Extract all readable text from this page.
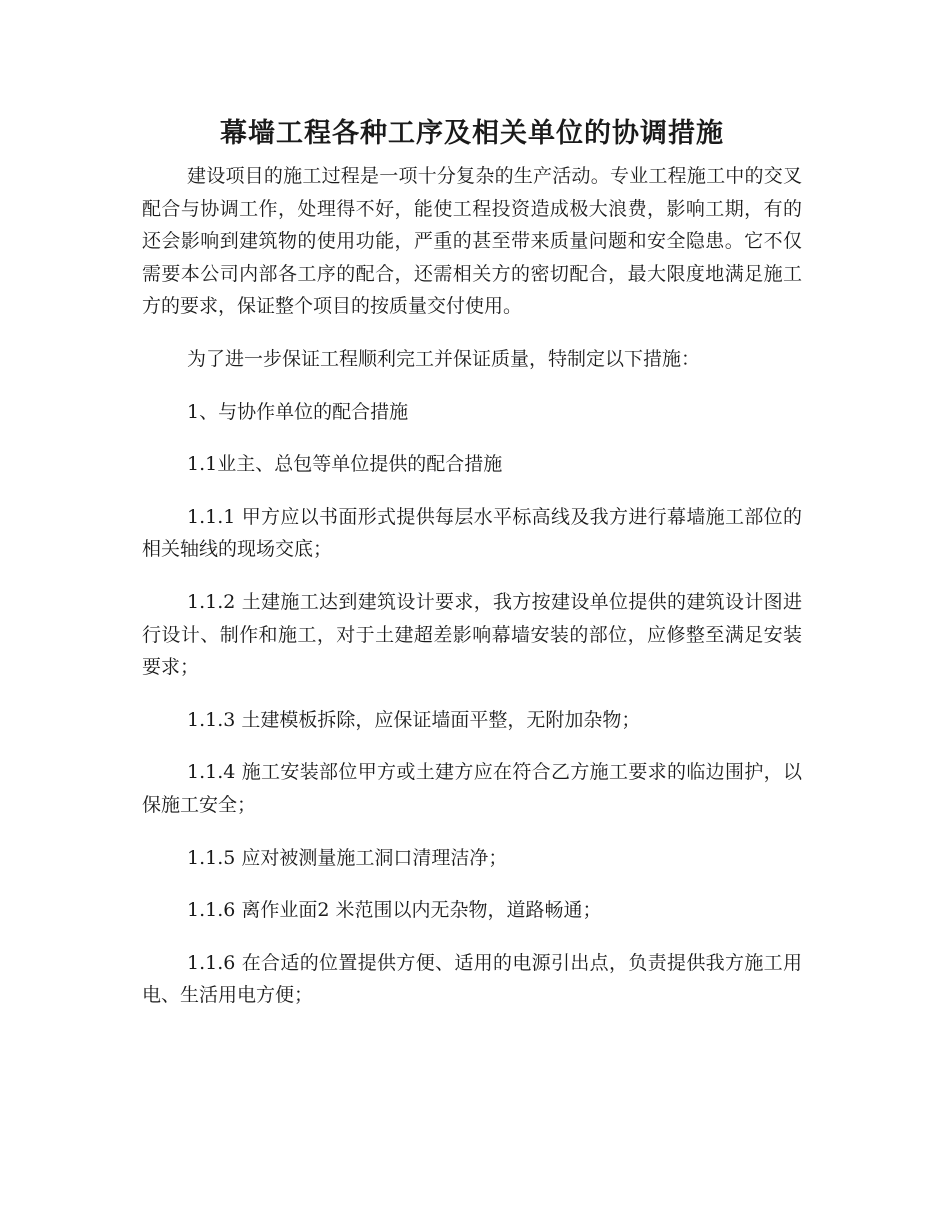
幕墙工程各种工序及相关单位的协调措施

建设项目的施工过程是一项十分复杂的生产活动。专业工程施工中的交叉配合与协调工作，处理得不好，能使工程投资造成极大浪费，影响工期，有的还会影响到建筑物的使用功能，严重的甚至带来质量问题和安全隐患。它不仅需要本公司内部各工序的配合，还需相关方的密切配合，最大限度地满足施工方的要求，保证整个项目的按质量交付使用。

为了进一步保证工程顺利完工并保证质量，特制定以下措施：

1、与协作单位的配合措施

1.1业主、总包等单位提供的配合措施

1.1.1 甲方应以书面形式提供每层水平标高线及我方进行幕墙施工部位的相关轴线的现场交底；

1.1.2 土建施工达到建筑设计要求，我方按建设单位提供的建筑设计图进行设计、制作和施工，对于土建超差影响幕墙安装的部位，应修整至满足安装要求；

1.1.3 土建模板拆除，应保证墙面平整，无附加杂物；

1.1.4 施工安装部位甲方或土建方应在符合乙方施工要求的临边围护，以保施工安全；

1.1.5 应对被测量施工洞口清理洁净；

1.1.6 离作业面2 米范围以内无杂物，道路畅通；

1.1.6 在合适的位置提供方便、适用的电源引出点，负责提供我方施工用电、生活用电方便；
